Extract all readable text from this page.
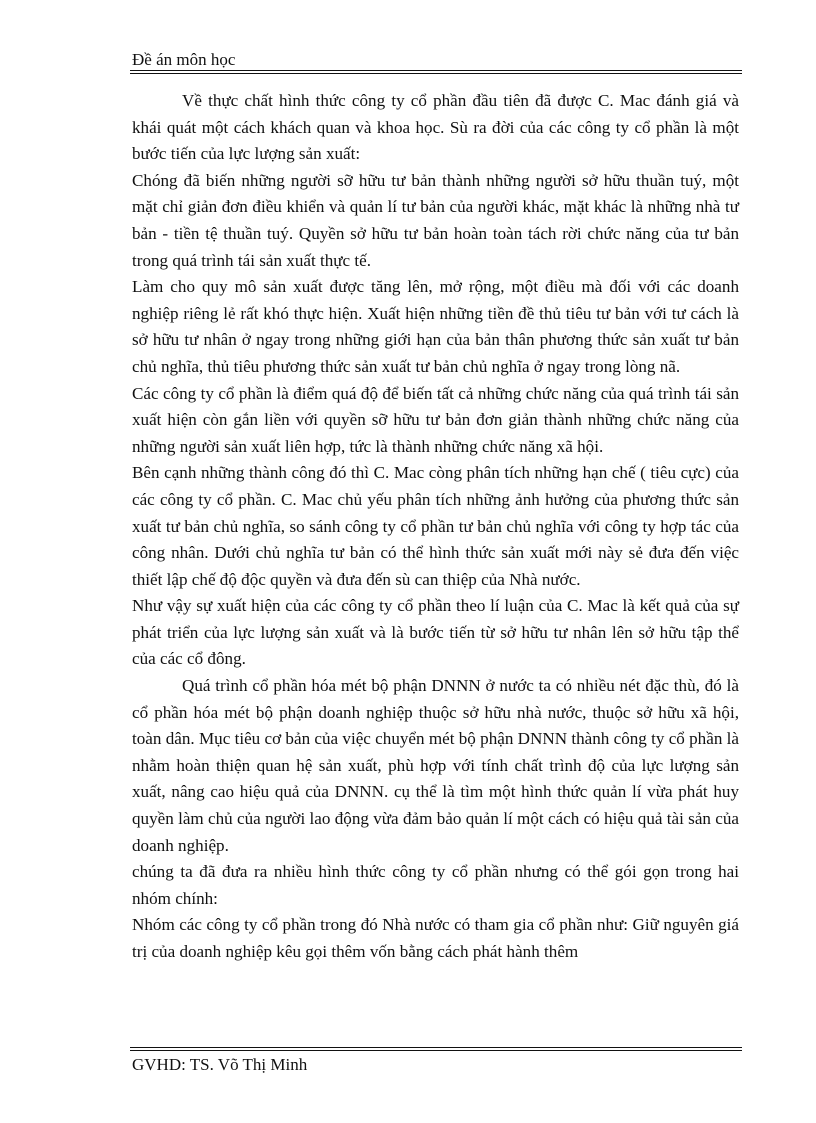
Đề án môn học

Về thực chất hình thức công ty cổ phần đầu tiên đã được C. Mac đánh giá và khái quát một cách khách quan và khoa học. Sù ra đời của các công ty cổ phần là một bước tiến của lực lượng sản xuất:

Chóng đã biến những người sỡ hữu tư bản thành những người sở hữu thuần tuý, một mặt chỉ giản đơn điều khiển và quản lí tư bản của người khác, mặt khác là những nhà tư bản - tiền tệ thuần tuý. Quyền sở hữu tư bản hoàn toàn tách rời chức năng của tư bản trong quá trình tái sản xuất thực tế.

Làm cho quy mô sản xuất được tăng lên, mở rộng, một điều mà đối với các doanh nghiệp riêng lẻ rất khó thực hiện. Xuất hiện những tiền đề thủ tiêu tư bản với tư cách là sở hữu tư nhân ở ngay trong những giới hạn của bản thân phương thức sản xuất tư bản chủ nghĩa, thủ tiêu phương thức sản xuất tư bản chủ nghĩa ở ngay trong lòng nã.

Các công ty cổ phần là điểm quá độ để biến tất cả những chức năng của quá trình tái sản xuất hiện còn gắn liền với quyền sỡ hữu tư bản đơn giản thành những chức năng của những người sản xuất liên hợp, tức là thành những chức năng xã hội.

Bên cạnh những thành công đó thì C. Mac còng phân tích những hạn chế ( tiêu cực) của các công ty cổ phần. C. Mac chủ yếu phân tích những ảnh hưởng của phương thức sản xuất tư bản chủ nghĩa, so sánh công ty cổ phần tư bản chủ nghĩa với công ty hợp tác của công nhân. Dưới chủ nghĩa tư bản có thể hình thức sản xuất mới này sẻ đưa đến việc thiết lập chế độ độc quyền và đưa đến sù can thiệp của Nhà nước.

Như vậy sự xuất hiện của các công ty cổ phần theo lí luận của C. Mac là kết quả của sự phát triển của lực lượng sản xuất và là bước tiến từ sở hữu tư nhân lên sở hữu tập thể của các cổ đông.

Quá trình cổ phần hóa mét bộ phận DNNN ở nước ta có nhiều nét đặc thù, đó là cổ phần hóa mét bộ phận doanh nghiệp thuộc sở hữu nhà nước, thuộc sở hữu xã hội, toàn dân. Mục tiêu cơ bản của việc chuyển mét bộ phận DNNN thành công ty cổ phần là nhằm hoàn thiện quan hệ sản xuất, phù hợp với tính chất trình độ của lực lượng sản xuất, nâng cao hiệu quả của DNNN. cụ thể là tìm một hình thức quản lí vừa phát huy quyền làm chủ của người lao động vừa đảm bảo quản lí một cách có hiệu quả tài sản của doanh nghiệp.

chúng ta đã đưa ra nhiều hình thức công ty cổ phần nhưng có thể gói gọn trong hai nhóm chính:

Nhóm các công ty cổ phần trong đó Nhà nước có tham gia cổ phần như: Giữ nguyên giá trị của doanh nghiệp kêu gọi thêm vốn bằng cách phát hành thêm

GVHD: TS. Võ Thị Minh
